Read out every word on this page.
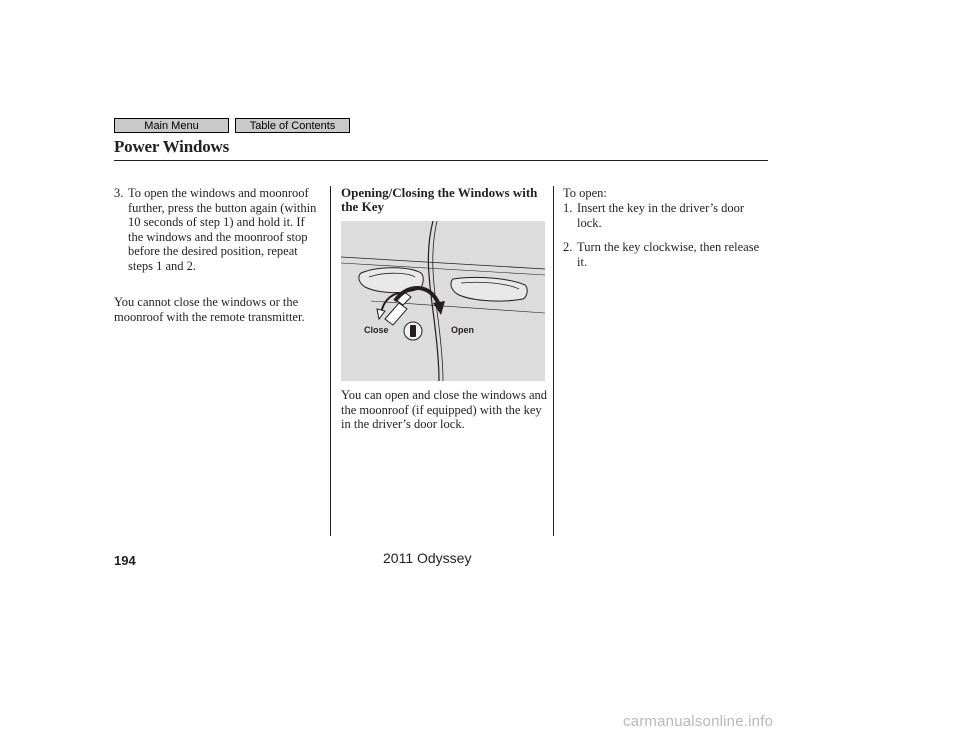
Main Menu	Table of Contents
Power Windows
3. To open the windows and moonroof further, press the button again (within 10 seconds of step 1) and hold it. If the windows and the moonroof stop before the desired position, repeat steps 1 and 2.
You cannot close the windows or the moonroof with the remote transmitter.
Opening/Closing the Windows with the Key
Close	Open
You can open and close the windows and the moonroof (if equipped) with the key in the driver’s door lock.
To open:
1. Insert the key in the driver’s door lock.
2. Turn the key clockwise, then release it.
194	2011 Odyssey
carmanualsonline.info
